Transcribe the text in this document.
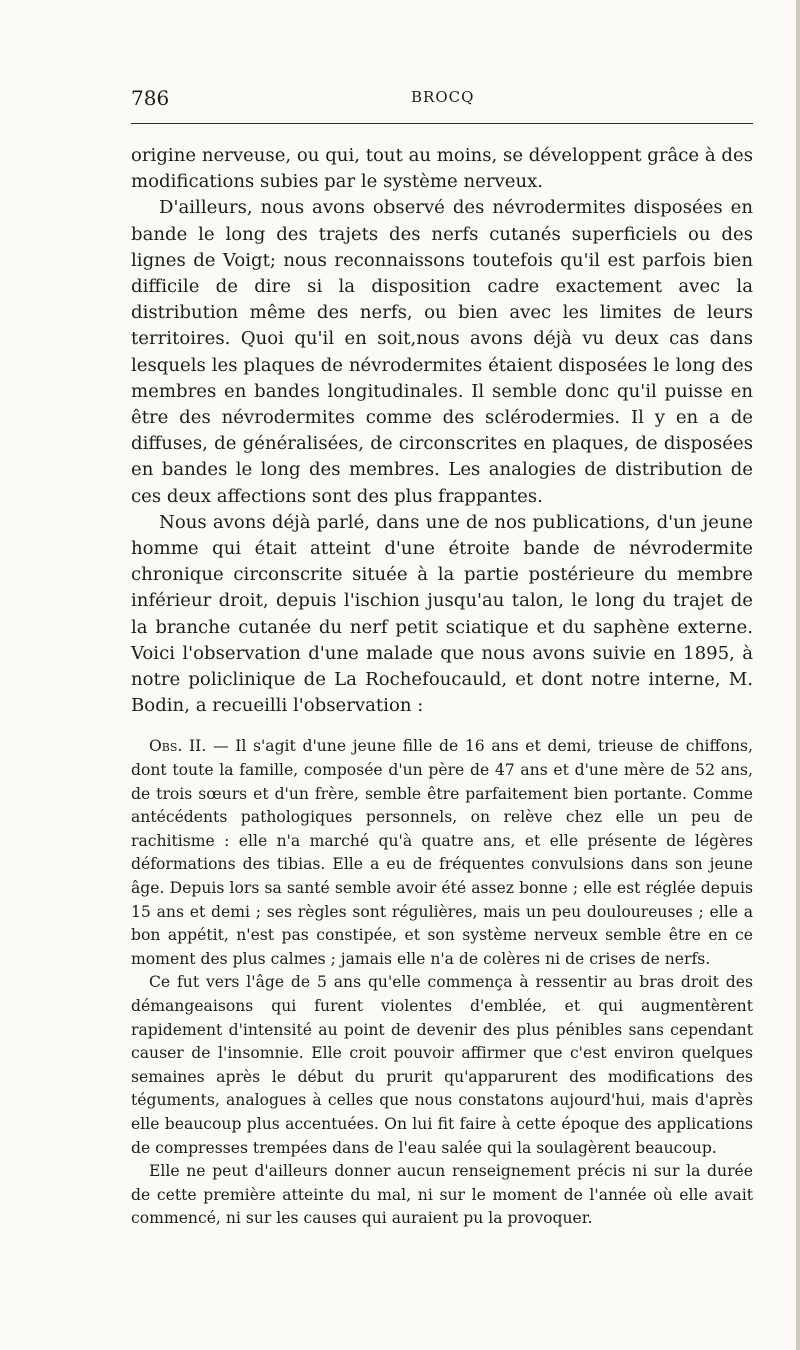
786	BROCQ

origine nerveuse, ou qui, tout au moins, se développent grâce à des modifications subies par le système nerveux.

D'ailleurs, nous avons observé des névrodermites disposées en bande le long des trajets des nerfs cutanés superficiels ou des lignes de Voigt; nous reconnaissons toutefois qu'il est parfois bien difficile de dire si la disposition cadre exactement avec la distribution même des nerfs, ou bien avec les limites de leurs territoires. Quoi qu'il en soit,nous avons déjà vu deux cas dans lesquels les plaques de névrodermites étaient disposées le long des membres en bandes longitudinales. Il semble donc qu'il puisse en être des névrodermites comme des sclérodermies. Il y en a de diffuses, de généralisées, de circonscrites en plaques, de disposées en bandes le long des membres. Les analogies de distribution de ces deux affections sont des plus frappantes.

Nous avons déjà parlé, dans une de nos publications, d'un jeune homme qui était atteint d'une étroite bande de névrodermite chronique circonscrite située à la partie postérieure du membre inférieur droit, depuis l'ischion jusqu'au talon, le long du trajet de la branche cutanée du nerf petit sciatique et du saphène externe. Voici l'observation d'une malade que nous avons suivie en 1895, à notre policlinique de La Rochefoucauld, et dont notre interne, M. Bodin, a recueilli l'observation :

Obs. II. — Il s'agit d'une jeune fille de 16 ans et demi, trieuse de chiffons, dont toute la famille, composée d'un père de 47 ans et d'une mère de 52 ans, de trois sœurs et d'un frère, semble être parfaitement bien portante. Comme antécédents pathologiques personnels, on relève chez elle un peu de rachitisme : elle n'a marché qu'à quatre ans, et elle présente de légères déformations des tibias. Elle a eu de fréquentes convulsions dans son jeune âge. Depuis lors sa santé semble avoir été assez bonne ; elle est réglée depuis 15 ans et demi ; ses règles sont régulières, mais un peu douloureuses ; elle a bon appétit, n'est pas constipée, et son système nerveux semble être en ce moment des plus calmes ; jamais elle n'a de colères ni de crises de nerfs.

Ce fut vers l'âge de 5 ans qu'elle commença à ressentir au bras droit des démangeaisons qui furent violentes d'emblée, et qui augmentèrent rapidement d'intensité au point de devenir des plus pénibles sans cependant causer de l'insomnie. Elle croit pouvoir affirmer que c'est environ quelques semaines après le début du prurit qu'apparurent des modifications des téguments, analogues à celles que nous constatons aujourd'hui, mais d'après elle beaucoup plus accentuées. On lui fit faire à cette époque des applications de compresses trempées dans de l'eau salée qui la soulagèrent beaucoup.

Elle ne peut d'ailleurs donner aucun renseignement précis ni sur la durée de cette première atteinte du mal, ni sur le moment de l'année où elle avait commencé, ni sur les causes qui auraient pu la provoquer.
